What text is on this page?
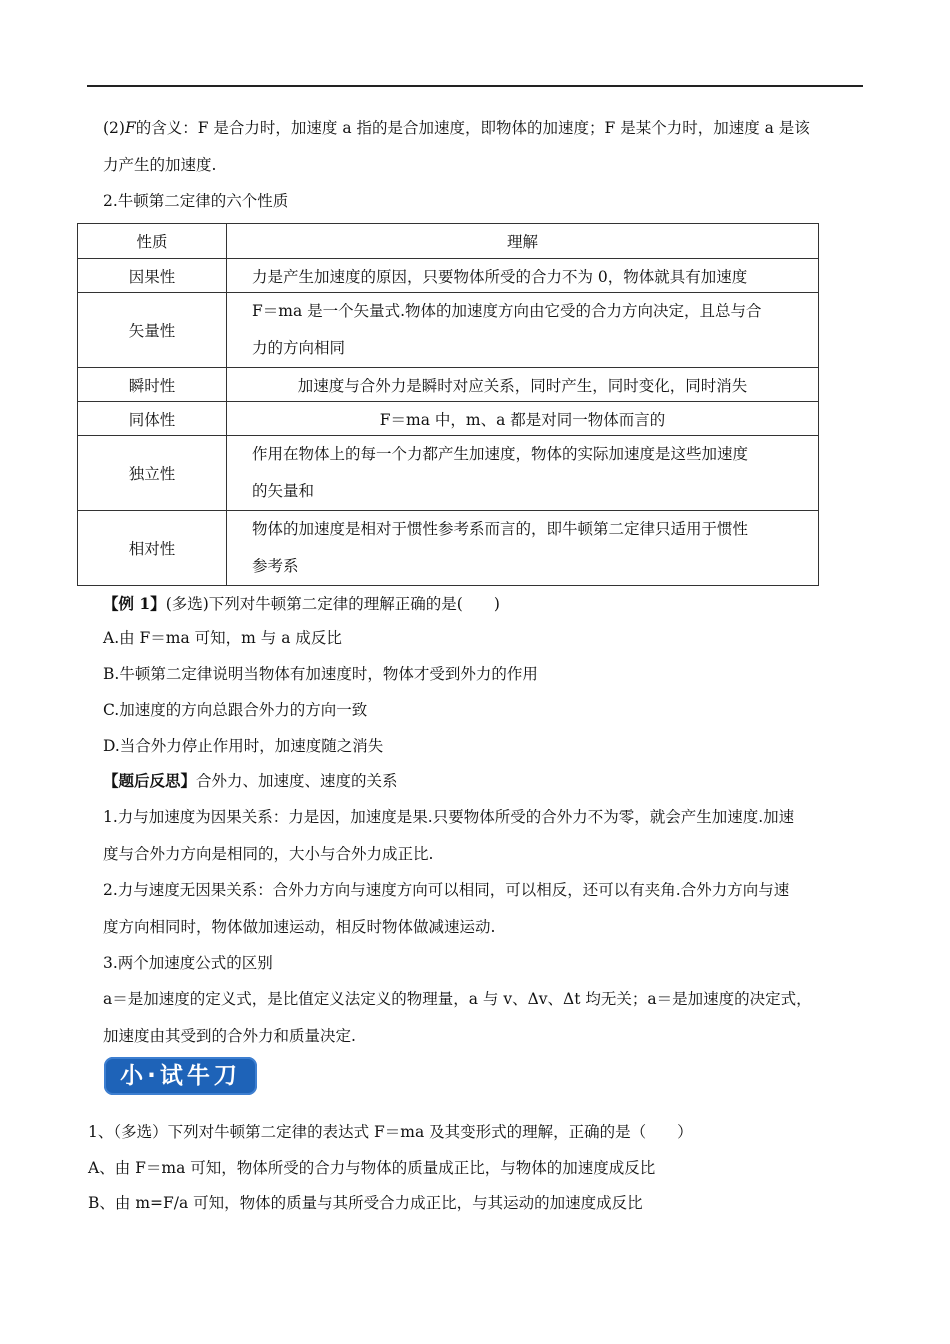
(2)F的含义：F 是合力时，加速度 a 指的是合加速度，即物体的加速度；F 是某个力时，加速度 a 是该
力产生的加速度.
2.牛顿第二定律的六个性质
性质	理解
因果性	力是产生加速度的原因，只要物体所受的合力不为 0，物体就具有加速度
矢量性	F＝ma 是一个矢量式.物体的加速度方向由它受的合力方向决定，且总与合
力的方向相同
瞬时性	加速度与合外力是瞬时对应关系，同时产生，同时变化，同时消失
同体性	F＝ma 中，m、a 都是对同一物体而言的
独立性	作用在物体上的每一个力都产生加速度，物体的实际加速度是这些加速度
的矢量和
相对性	物体的加速度是相对于惯性参考系而言的，即牛顿第二定律只适用于惯性
参考系
【例 1】(多选)下列对牛顿第二定律的理解正确的是(　　)
A.由 F＝ma 可知，m 与 a 成反比
B.牛顿第二定律说明当物体有加速度时，物体才受到外力的作用
C.加速度的方向总跟合外力的方向一致
D.当合外力停止作用时，加速度随之消失
【题后反思】合外力、加速度、速度的关系
1.力与加速度为因果关系：力是因，加速度是果.只要物体所受的合外力不为零，就会产生加速度.加速
度与合外力方向是相同的，大小与合外力成正比.
2.力与速度无因果关系：合外力方向与速度方向可以相同，可以相反，还可以有夹角.合外力方向与速
度方向相同时，物体做加速运动，相反时物体做减速运动.
3.两个加速度公式的区别
a＝是加速度的定义式，是比值定义法定义的物理量，a 与 v、Δv、Δt 均无关；a＝是加速度的决定式，
加速度由其受到的合外力和质量决定.
小·试牛刀
1、（多选）下列对牛顿第二定律的表达式 F＝ma 及其变形式的理解，正确的是（　　）
A、由 F＝ma 可知，物体所受的合力与物体的质量成正比，与物体的加速度成反比
B、由 m=F/a 可知，物体的质量与其所受合力成正比，与其运动的加速度成反比
